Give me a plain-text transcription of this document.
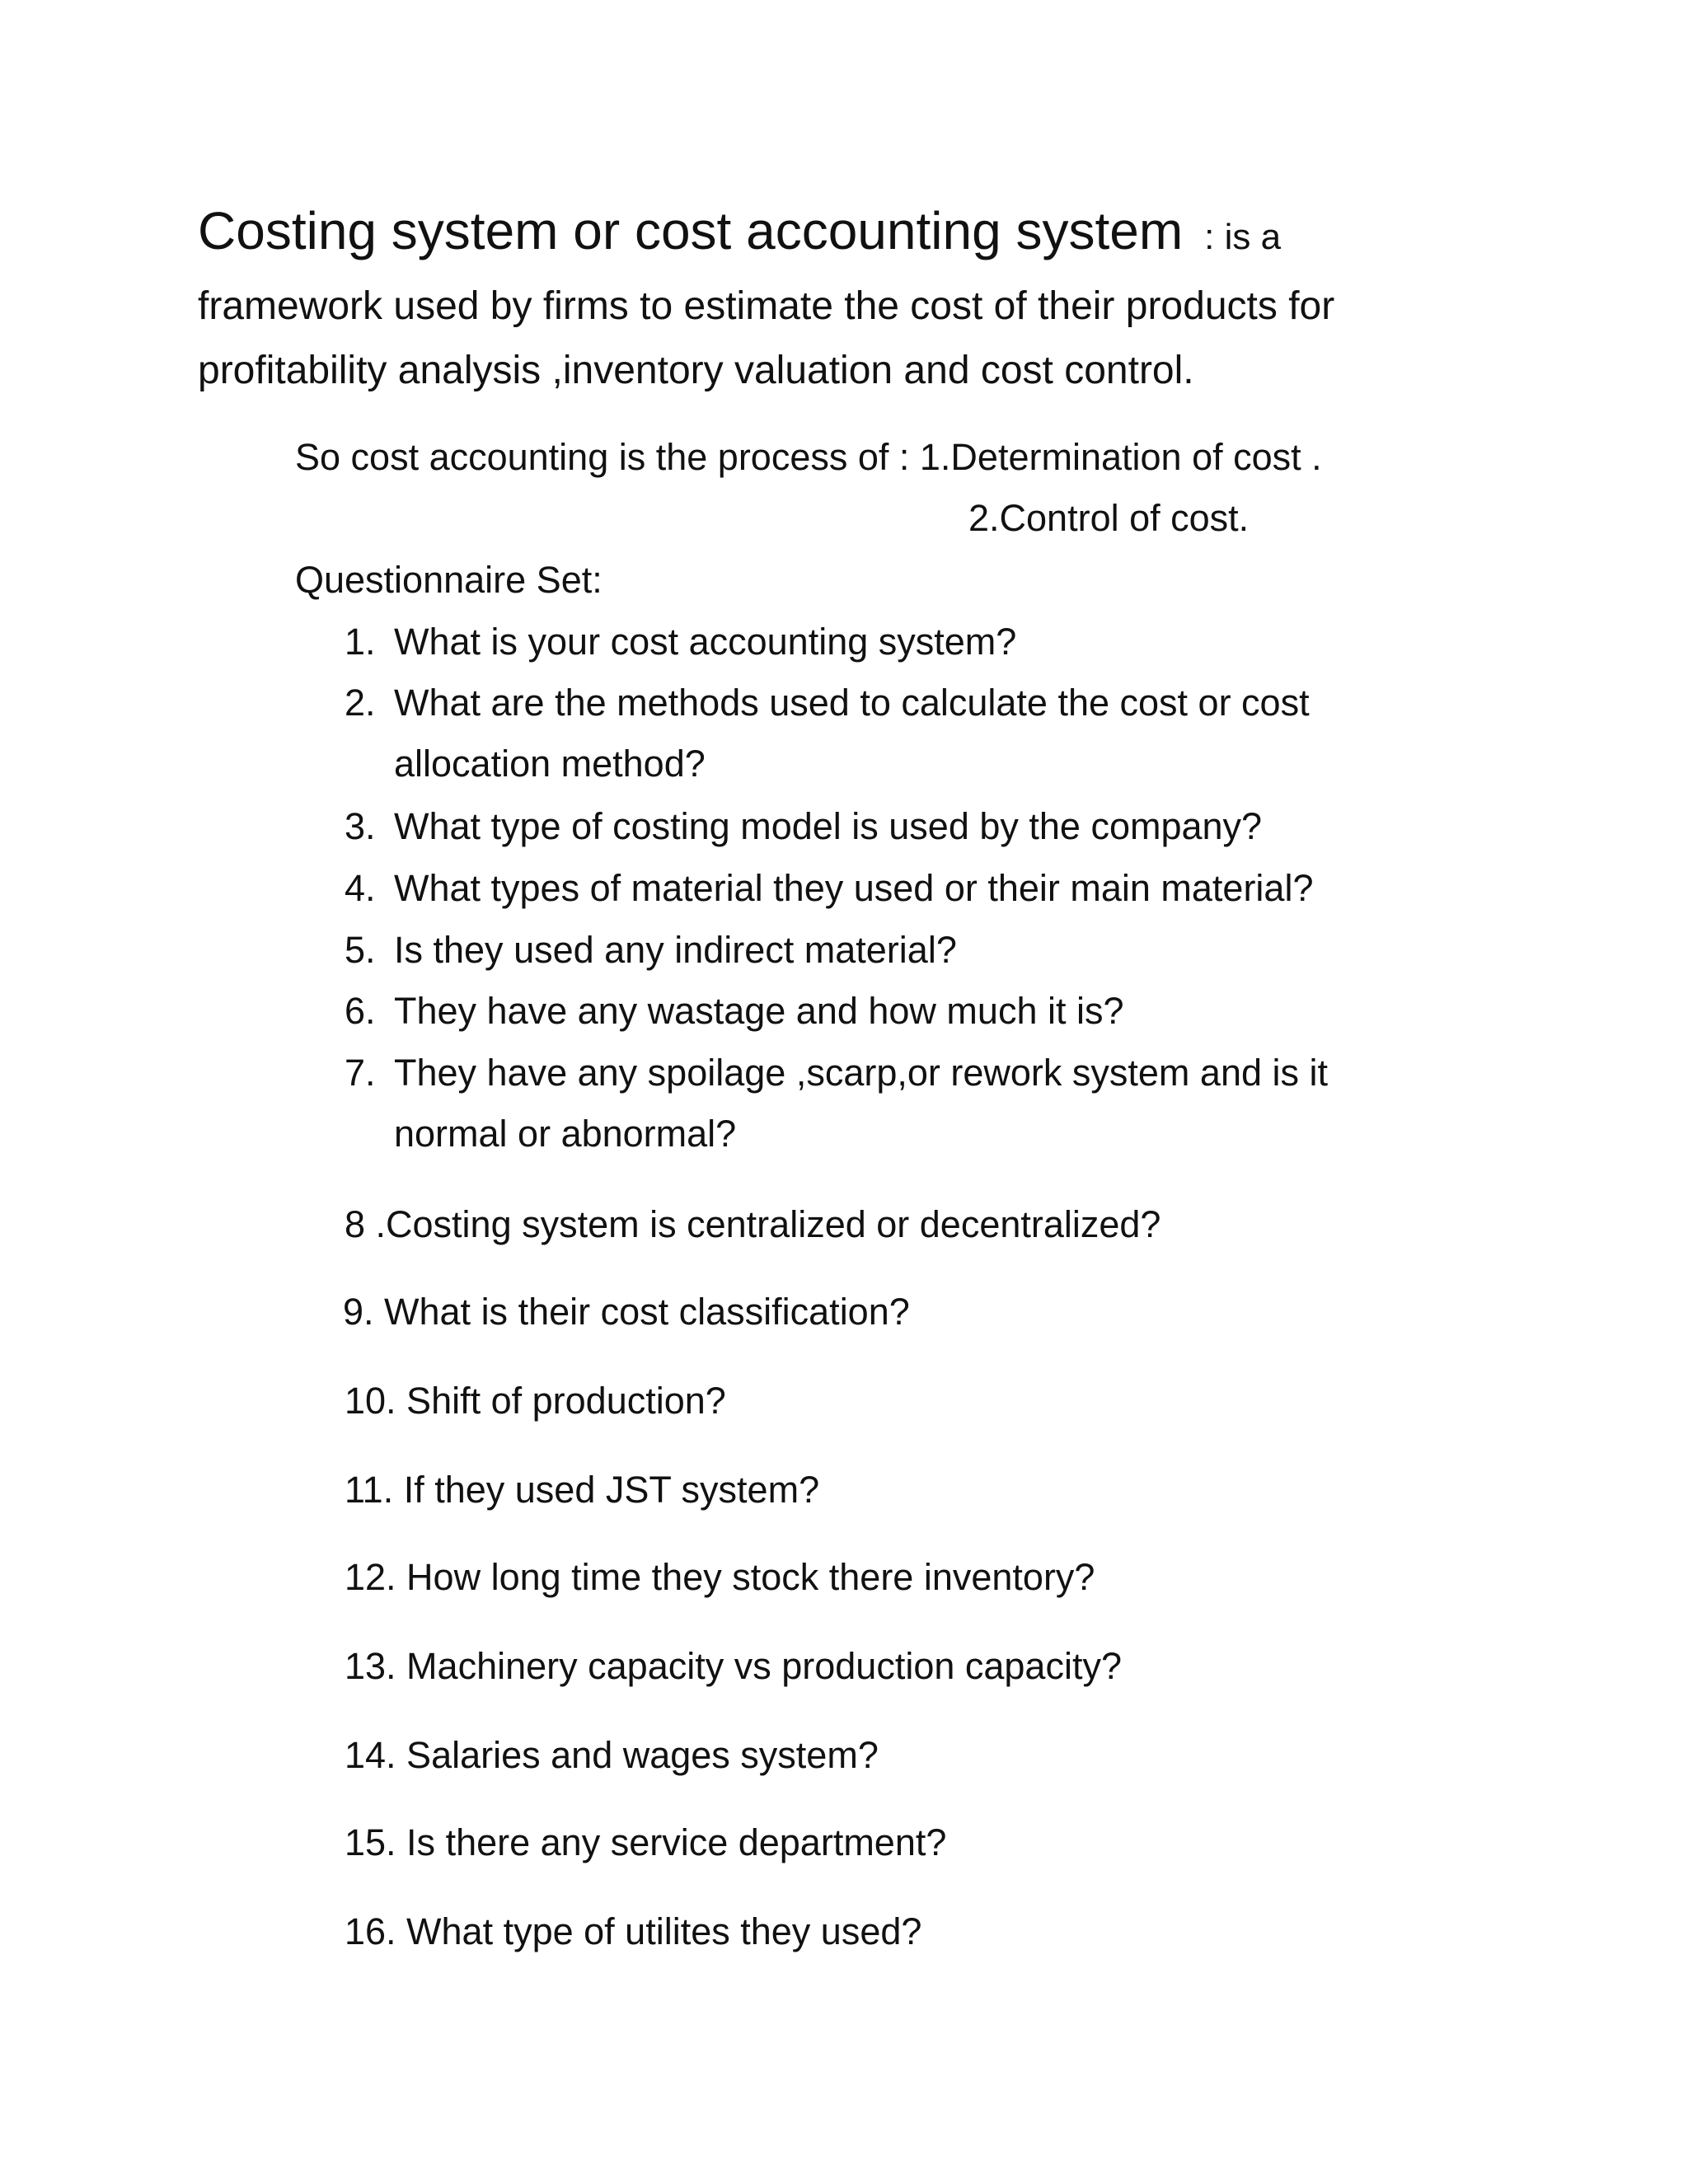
Costing system or cost accounting system : is a
framework used by firms to estimate the cost of their products for
profitability analysis ,inventory valuation and cost control.
So cost accounting is the process of : 1.Determination of cost .
2.Control of cost.
Questionnaire Set:
1. What is your cost accounting system?
2. What are the methods used to calculate the cost or cost
allocation method?
3. What type of costing model is used by the company?
4. What types of material they used or their main material?
5. Is they used any indirect material?
6. They have any wastage and how much it is?
7. They have any spoilage ,scarp,or rework system and is it
normal or abnormal?
8 .Costing system is centralized or decentralized?
9. What is their cost classification?
10. Shift of production?
11. If they used JST system?
12. How long time they stock there inventory?
13. Machinery capacity vs production capacity?
14. Salaries and wages system?
15. Is there any service department?
16. What type of utilites they used?
